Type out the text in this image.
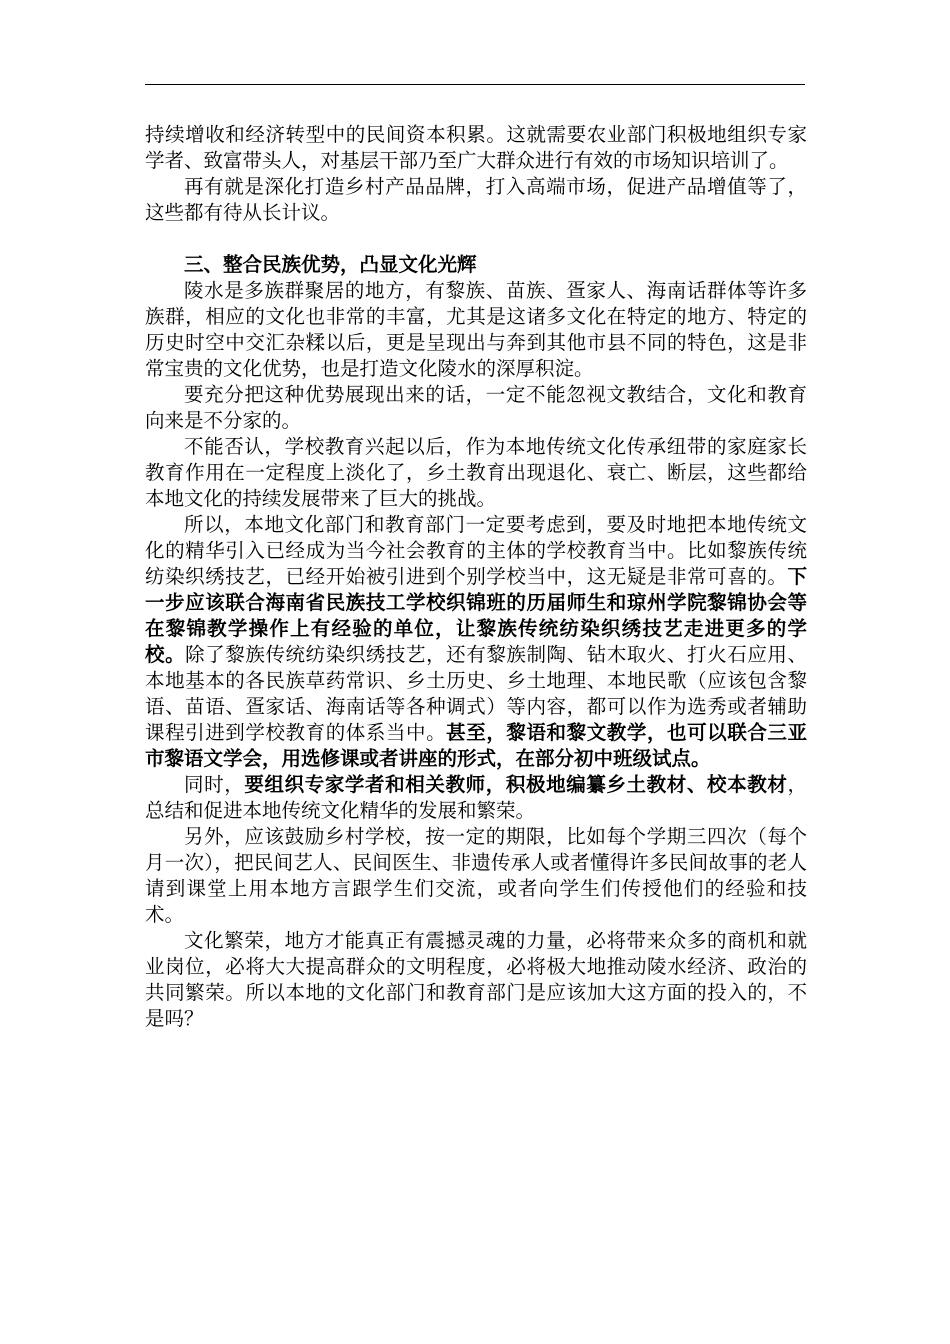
持续增收和经济转型中的民间资本积累。这就需要农业部门积极地组织专家学者、致富带头人，对基层干部乃至广大群众进行有效的市场知识培训了。

再有就是深化打造乡村产品品牌，打入高端市场，促进产品增值等了，这些都有待从长计议。

三、整合民族优势，凸显文化光辉

陵水是多族群聚居的地方，有黎族、苗族、疍家人、海南话群体等许多族群，相应的文化也非常的丰富，尤其是这诸多文化在特定的地方、特定的历史时空中交汇杂糅以后，更是呈现出与奔到其他市县不同的特色，这是非常宝贵的文化优势，也是打造文化陵水的深厚积淀。

要充分把这种优势展现出来的话，一定不能忽视文教结合，文化和教育向来是不分家的。

不能否认，学校教育兴起以后，作为本地传统文化传承纽带的家庭家长教育作用在一定程度上淡化了，乡土教育出现退化、衰亡、断层，这些都给本地文化的持续发展带来了巨大的挑战。

所以，本地文化部门和教育部门一定要考虑到，要及时地把本地传统文化的精华引入已经成为当今社会教育的主体的学校教育当中。比如黎族传统纺染织绣技艺，已经开始被引进到个别学校当中，这无疑是非常可喜的。下一步应该联合海南省民族技工学校织锦班的历届师生和琼州学院黎锦协会等在黎锦教学操作上有经验的单位，让黎族传统纺染织绣技艺走进更多的学校。除了黎族传统纺染织绣技艺，还有黎族制陶、钻木取火、打火石应用、本地基本的各民族草药常识、乡土历史、乡土地理、本地民歌（应该包含黎语、苗语、疍家话、海南话等各种调式）等内容，都可以作为选秀或者辅助课程引进到学校教育的体系当中。甚至，黎语和黎文教学，也可以联合三亚市黎语文学会，用选修课或者讲座的形式，在部分初中班级试点。

同时，要组织专家学者和相关教师，积极地编纂乡土教材、校本教材，总结和促进本地传统文化精华的发展和繁荣。

另外，应该鼓励乡村学校，按一定的期限，比如每个学期三四次（每个月一次），把民间艺人、民间医生、非遗传承人或者懂得许多民间故事的老人请到课堂上用本地方言跟学生们交流，或者向学生们传授他们的经验和技术。

文化繁荣，地方才能真正有震撼灵魂的力量，必将带来众多的商机和就业岗位，必将大大提高群众的文明程度，必将极大地推动陵水经济、政治的共同繁荣。所以本地的文化部门和教育部门是应该加大这方面的投入的，不是吗？
